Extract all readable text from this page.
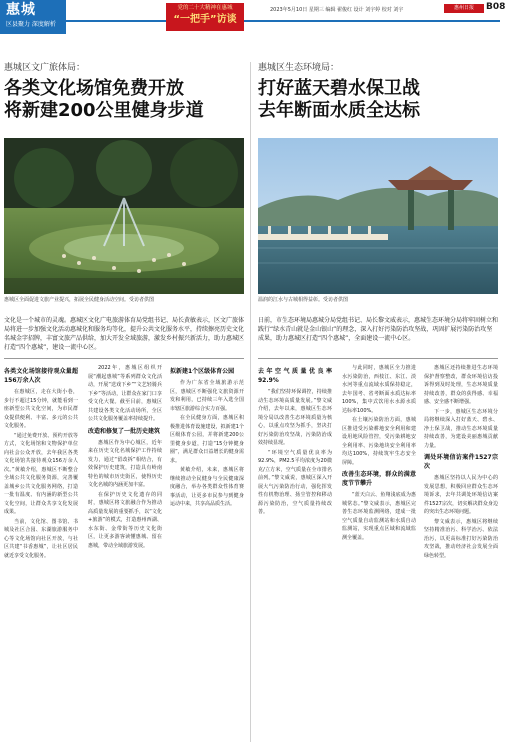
惠城
区县聚力 深度解析
党的二十大精神在惠城
“一把手”访谈
2023年5月10日 星期三 编辑 翟俊红 设计 刘宇婷 校对 刘宇	惠州日报	B08
惠城区文广旅体局：
各类文化场馆免费开放
将新建200公里健身步道
惠城区全面促进文旅产业提兴，拓展全民健身活动空间。受访者供图
惠城区生态环境局：
打好蓝天碧水保卫战
去年断面水质全达标
温润的江水与古城相得益彰。受访者供图
文化是一个城市的灵魂。惠城区文化广电旅游体育局党组书记、局长黄敏表示，区文广旅体局将进一步加强文化活动惠城化和服务均等化，提升公共文化服务水平，持续擦亮历史文化名城金字招牌，丰富文旅产品供给，加大开发全域旅游，激发乡村振兴新活力，助力惠城区打造“四个惠城”，建设一流中心区。
日前，市生态环境局惠城分局党组书记、局长黎文威表示，惠城生态环境分局将牢固树立和践行“绿水青山就是金山银山”的理念，深入打好污染防治攻坚战，巩固扩展污染防治攻坚成果，助力惠城区打造“四个惠城”，全面建设一流中心区。
各类文化场馆接待观众量超156万余人次

在惠城区，走在大街小巷，步行不超过15分钟，就能看到一座新型公共文化空间，为市民群众提供便利、丰富、多元的公共文化服务。

“通过免费开放、预约开放等方式，文化场馆和文物保护单位向社会公众开放，去年我区各类文化场馆共接待观众156万余人次。”黄敏介绍，惠城区不断整合全域公共文化服务资源，完善覆盖城乡公共文化服务网络，打造一批有温度、有内涵的新型公共文化空间，让群众共享文化发展成果。

当前，文化馆、图书馆、书城及社区合园、东湖旅游服务中心等文化场馆向社区开放，与社区共建“书香惠城”，让社区居民就近享受文化服务。

2022年，惠城区组织开展“潮起惠城”等系列群众文化活动，开展“送戏下乡”“文艺轻骑兵下乡”等活动，让群众在家门口享受文化大餐。截至目前，惠城区共建设各类文化活动场所，全区公共文化服务覆盖率持续提升。

改造和修复了一批历史建筑

惠城区作为中心城区，近年来在历史文化名城保护工作持续发力，通过“留改拆”相结合，有效保护历史建筑，打造具有岭南特色的城市历史街区，使得历史文化名城的内涵更加丰富。

在保护历史文化遗存的同时，惠城区将文旅融合作为推动高质量发展的重要抓手，以“文化+旅游”的模式，打造惠州西湖、水东街、金带街等历史文化街区，让更多游客读懂惠城、留在惠城，带动全域旅游发展。

拟新建1个区级体育公园

作为广东省全域旅游示范区，惠城区不断强化文旅资源开发和利用，已持续三年入选全国市辖区旅游综合实力百强。

在全民健身方面，惠城区积极推进体育设施建设，拟新建1个区级体育公园，并将新建200公里健身步道，打造“15分钟健身圈”，满足群众日益增长的健身需求。

黄敏介绍，未来，惠城区将继续推动全民健身与全民健康深度融合，举办各类群众性体育赛事活动，让更多市民参与到健身运动中来，共享高品质生活。

去年空气质量优良率92.9%

“我们坚持环保调控，持续推动生态环境高质量发展。”黎文威介绍，去年以来，惠城区生态环境分局以改善生态环境质量为核心，以重点攻坚为抓手，坚决打好污染防治攻坚战，污染防治成效持续显现。

“环境空气质量优良率为92.9%，PM2.5平均浓度为20微克/立方米，空气质量在全市排名前列。”黎文威说，惠城区深入开展大气污染防治行动，强化挥发性有机物治理、扬尘管控和移动源污染防治，空气质量持续改善。

与此同时，惠城区全力推进水污染防治，西枝江、东江、淡水河等重点流域水质保持稳定，去年国考、省考断面水质达标率100%，集中式饮用水水源水质达标率100%。

在土壤污染防治方面，惠城区推进受污染耕地安全利用和建设用地风险管控，受污染耕地安全利用率、污染地块安全利用率均达100%，持续筑牢生态安全屏障。

改善生态环境，群众的满意度节节攀升

“蓝天白云、鱼翔浅底成为惠城常态。”黎文威表示，惠城区完善生态环境监测网络，建成一批空气质量自动监测站和水质自动监测站，实现重点区域和流域监测全覆盖。

惠城区还持续推进生态环境保护督察整改，群众环境信访投诉得到及时处理，生态环境质量持续改善，群众的获得感、幸福感、安全感不断增强。

下一步，惠城区生态环境分局将继续深入打好蓝天、碧水、净土保卫战，推动生态环境质量持续改善，为建设美丽惠城贡献力量。

调处环境信访案件1527宗次

惠城区坚持以人民为中心的发展思想，积极回应群众生态环境诉求，去年共调处环境信访案件1527宗次，切实解决群众身边的突出生态环境问题。

黎文威表示，惠城区将继续坚持精准治污、科学治污、依法治污，以更高标准打好污染防治攻坚战，推动经济社会发展全面绿色转型。
